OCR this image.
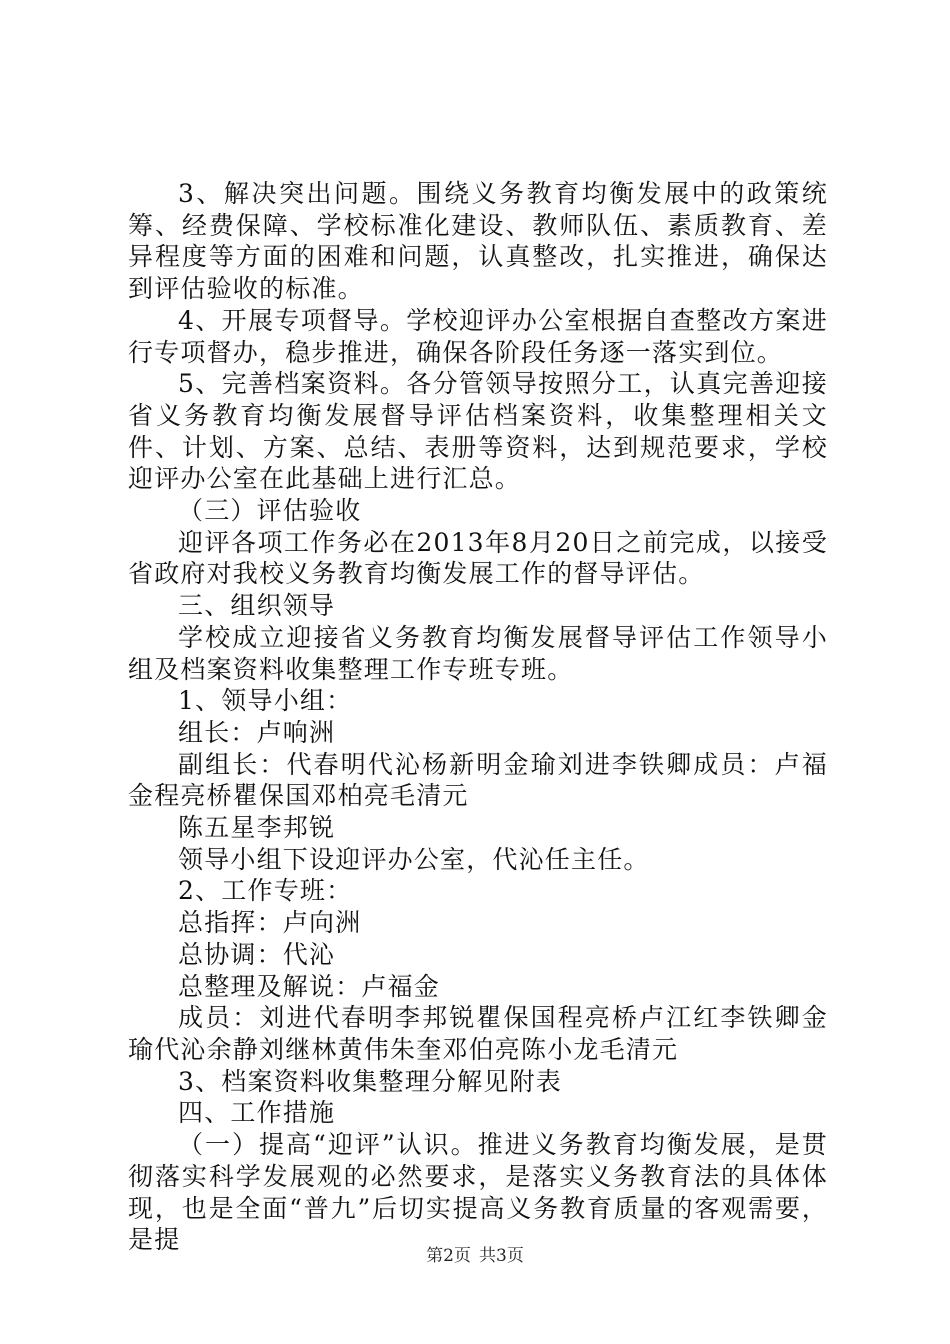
3、解决突出问题。围绕义务教育均衡发展中的政策统筹、经费保障、学校标准化建设、教师队伍、素质教育、差异程度等方面的困难和问题，认真整改，扎实推进，确保达到评估验收的标准。

4、开展专项督导。学校迎评办公室根据自查整改方案进行专项督办，稳步推进，确保各阶段任务逐一落实到位。

5、完善档案资料。各分管领导按照分工，认真完善迎接省义务教育均衡发展督导评估档案资料，收集整理相关文件、计划、方案、总结、表册等资料，达到规范要求，学校迎评办公室在此基础上进行汇总。

（三）评估验收

迎评各项工作务必在2013年8月20日之前完成，以接受省政府对我校义务教育均衡发展工作的督导评估。

三、组织领导

学校成立迎接省义务教育均衡发展督导评估工作领导小组及档案资料收集整理工作专班专班。

1、领导小组：

组长：卢响洲

副组长：代春明代沁杨新明金瑜刘进李铁卿成员：卢福金程亮桥瞿保国邓柏亮毛清元

陈五星李邦锐

领导小组下设迎评办公室，代沁任主任。

2、工作专班：

总指挥：卢向洲

总协调：代沁

总整理及解说：卢福金

成员：刘进代春明李邦锐瞿保国程亮桥卢江红李铁卿金瑜代沁余静刘继林黄伟朱奎邓伯亮陈小龙毛清元

3、档案资料收集整理分解见附表

四、工作措施

（一）提高“迎评”认识。推进义务教育均衡发展，是贯彻落实科学发展观的必然要求，是落实义务教育法的具体体现，也是全面“普九”后切实提高义务教育质量的客观需要，是提

第2页 共3页
